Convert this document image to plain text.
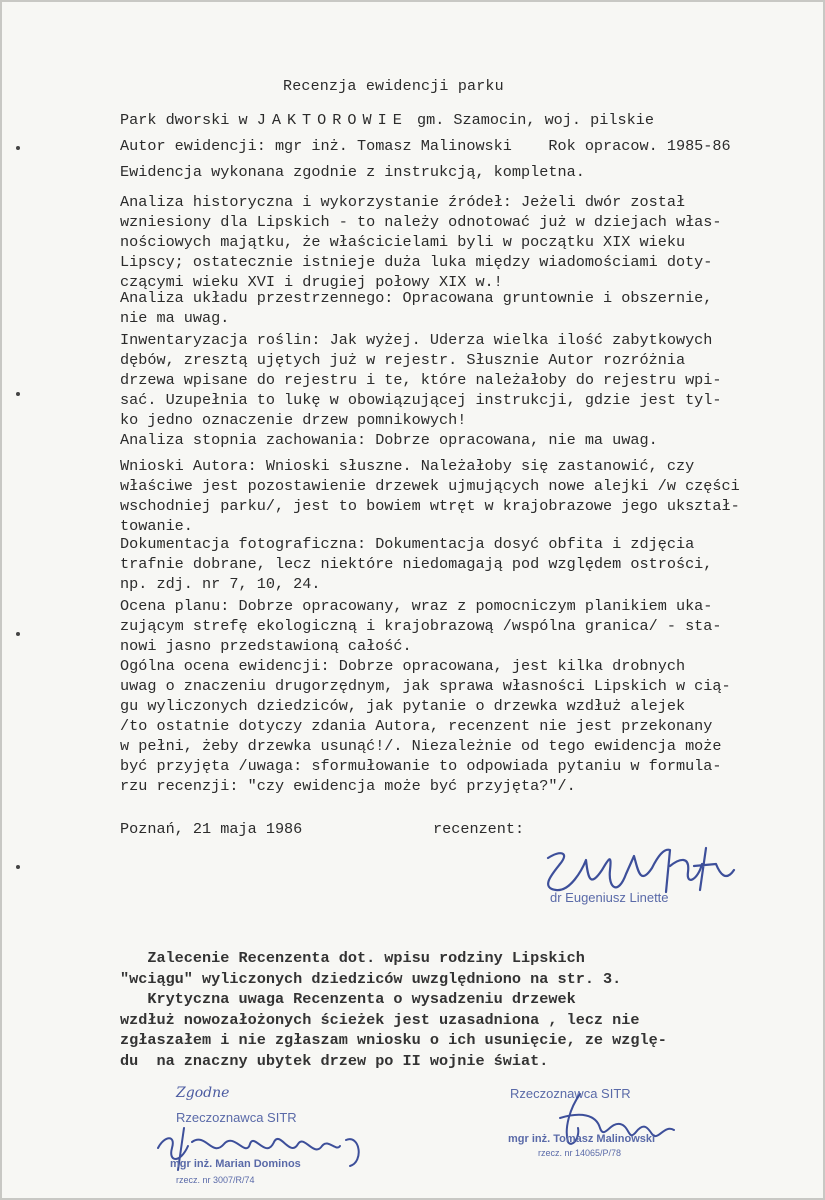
Recenzja ewidencji parku
Park dworski w JAKTOROWIE gm. Szamocin, woj. pilskie
Autor ewidencji: mgr inż. Tomasz Malinowski    Rok opracow. 1985-86
Ewidencja wykonana zgodnie z instrukcją, kompletna.
Analiza historyczna i wykorzystanie źródeł: Jeżeli dwór został
wzniesiony dla Lipskich - to należy odnotować już w dziejach włas-
nościowych majątku, że właścicielami byli w początku XIX wieku
Lipscy; ostatecznie istnieje duża luka między wiadomościami doty-
czącymi wieku XVI i drugiej połowy XIX w.!
Analiza układu przestrzennego: Opracowana gruntownie i obszernie,
nie ma uwag.
Inwentaryzacja roślin: Jak wyżej. Uderza wielka ilość zabytkowych
dębów, zresztą ujętych już w rejestr. Słusznie Autor rozróżnia
drzewa wpisane do rejestru i te, które należałoby do rejestru wpi-
sać. Uzupełnia to lukę w obowiązującej instrukcji, gdzie jest tyl-
ko jedno oznaczenie drzew pomnikowych!
Analiza stopnia zachowania: Dobrze opracowana, nie ma uwag.
Wnioski Autora: Wnioski słuszne. Należałoby się zastanowić, czy
właściwe jest pozostawienie drzewek ujmujących nowe alejki /w części
wschodniej parku/, jest to bowiem wtręt w krajobrazowe jego ukształ-
towanie.
Dokumentacja fotograficzna: Dokumentacja dosyć obfita i zdjęcia
trafnie dobrane, lecz niektóre niedomagają pod względem ostrości,
np. zdj. nr 7, 10, 24.
Ocena planu: Dobrze opracowany, wraz z pomocniczym planikiem uka-
zującym strefę ekologiczną i krajobrazową /wspólna granica/ - sta-
nowi jasno przedstawioną całość.
Ogólna ocena ewidencji: Dobrze opracowana, jest kilka drobnych
uwag o znaczeniu drugorzędnym, jak sprawa własności Lipskich w cią-
gu wyliczonych dziedziców, jak pytanie o drzewka wzdłuż alejek
/to ostatnie dotyczy zdania Autora, recenzent nie jest przekonany
w pełni, żeby drzewka usunąć!/. Niezależnie od tego ewidencja może
być przyjęta /uwaga: sformułowanie to odpowiada pytaniu w formula-
rzu recenzji: "czy ewidencja może być przyjęta?"/.
Poznań, 21 maja 1986	recenzent:
dr Eugeniusz Linette
Zalecenie Recenzenta dot. wpisu rodziny Lipskich
"wciągu" wyliczonych dziedziców uwzględniono na str. 3.
Krytyczna uwaga Recenzenta o wysadzeniu drzewek
wzdłuż nowozałożonych ścieżek jest uzasadniona , lecz nie
zgłaszałem i nie zgłaszam wniosku o ich usunięcie, ze wzglę-
du  na znaczny ubytek drzew po II wojnie świat.
Zgodne
Rzeczoznawca SITR
mgr inż. Marian Dominos
rzecz. nr 3007/R/74
Rzeczoznawca SITR
mgr inż. Tomasz Malinowski
rzecz. nr 14065/P/78
